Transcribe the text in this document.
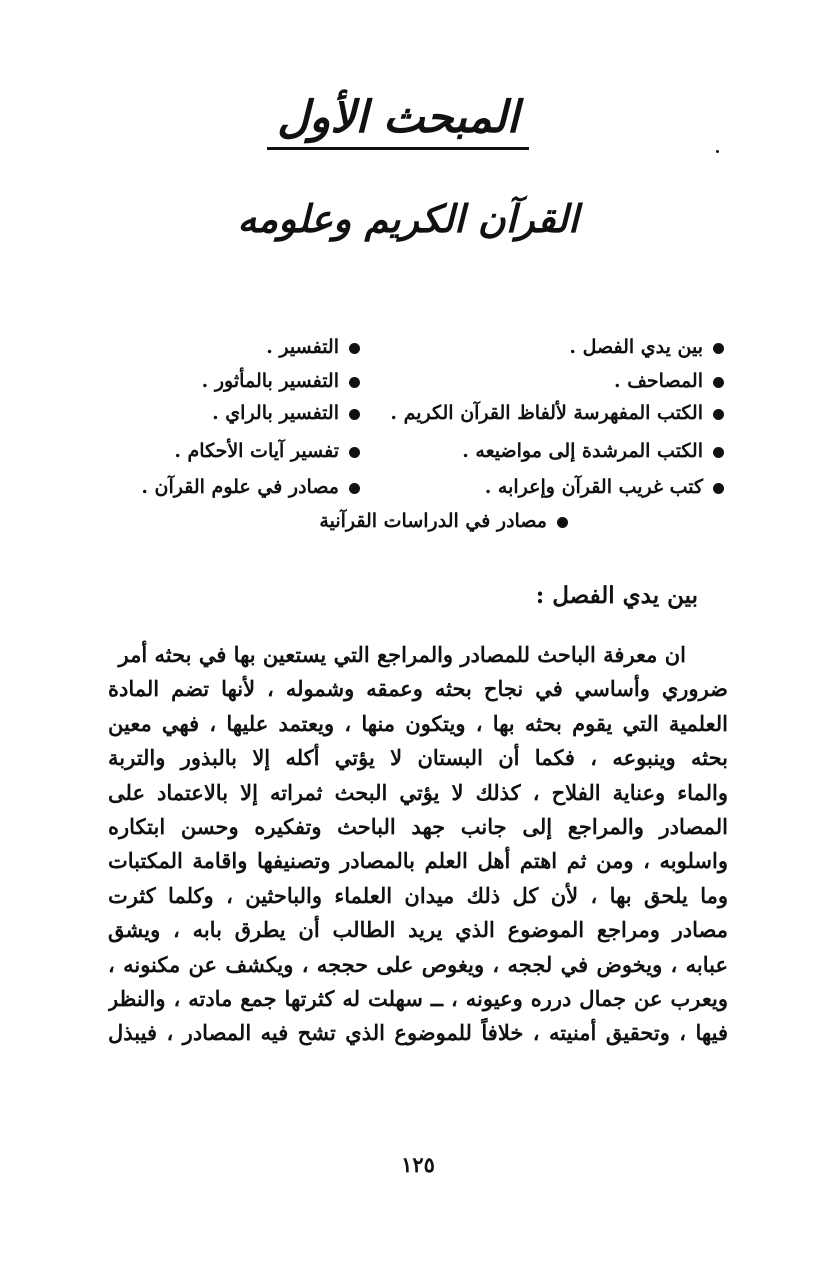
المبحث الأول
القرآن الكريم وعلومه
بين يدي الفصل .
المصاحف .
الكتب المفهرسة لألفاظ القرآن الكريم .
الكتب المرشدة إلى مواضيعه .
كتب غريب القرآن وإعرابه .
التفسير .
التفسير بالمأثور .
التفسير بالراي .
تفسير آيات الأحكام .
مصادر في علوم القرآن .
مصادر في الدراسات القرآنية
بين يدي الفصل :
ان معرفة الباحث للمصادر والمراجع التي يستعين بها في بحثه أمر
ضروري وأساسي في نجاح بحثه وعمقه وشموله ، لأنها تضم المادة
العلمية التي يقوم بحثه بها ، ويتكون منها ، ويعتمد عليها ، فهي معين
بحثه وينبوعه ، فكما أن البستان لا يؤتي أكله إلا بالبذور والتربة
والماء وعناية الفلاح ، كذلك لا يؤتي البحث ثمراته إلا بالاعتماد على
المصادر والمراجع إلى جانب جهد الباحث وتفكيره وحسن ابتكاره
واسلوبه ، ومن ثم اهتم أهل العلم بالمصادر وتصنيفها واقامة المكتبات
وما يلحق بها ، لأن كل ذلك ميدان العلماء والباحثين ، وكلما كثرت
مصادر ومراجع الموضوع الذي يريد الطالب أن يطرق بابه ، ويشق
عبابه ، ويخوض في لججه ، ويغوص على حججه ، ويكشف عن مكنونه ،
ويعرب عن جمال درره وعيونه ، ــ سهلت له كثرتها جمع مادته ، والنظر
فيها ، وتحقيق أمنيته ، خلافاً للموضوع الذي تشح فيه المصادر ، فيبذل
١٢٥
